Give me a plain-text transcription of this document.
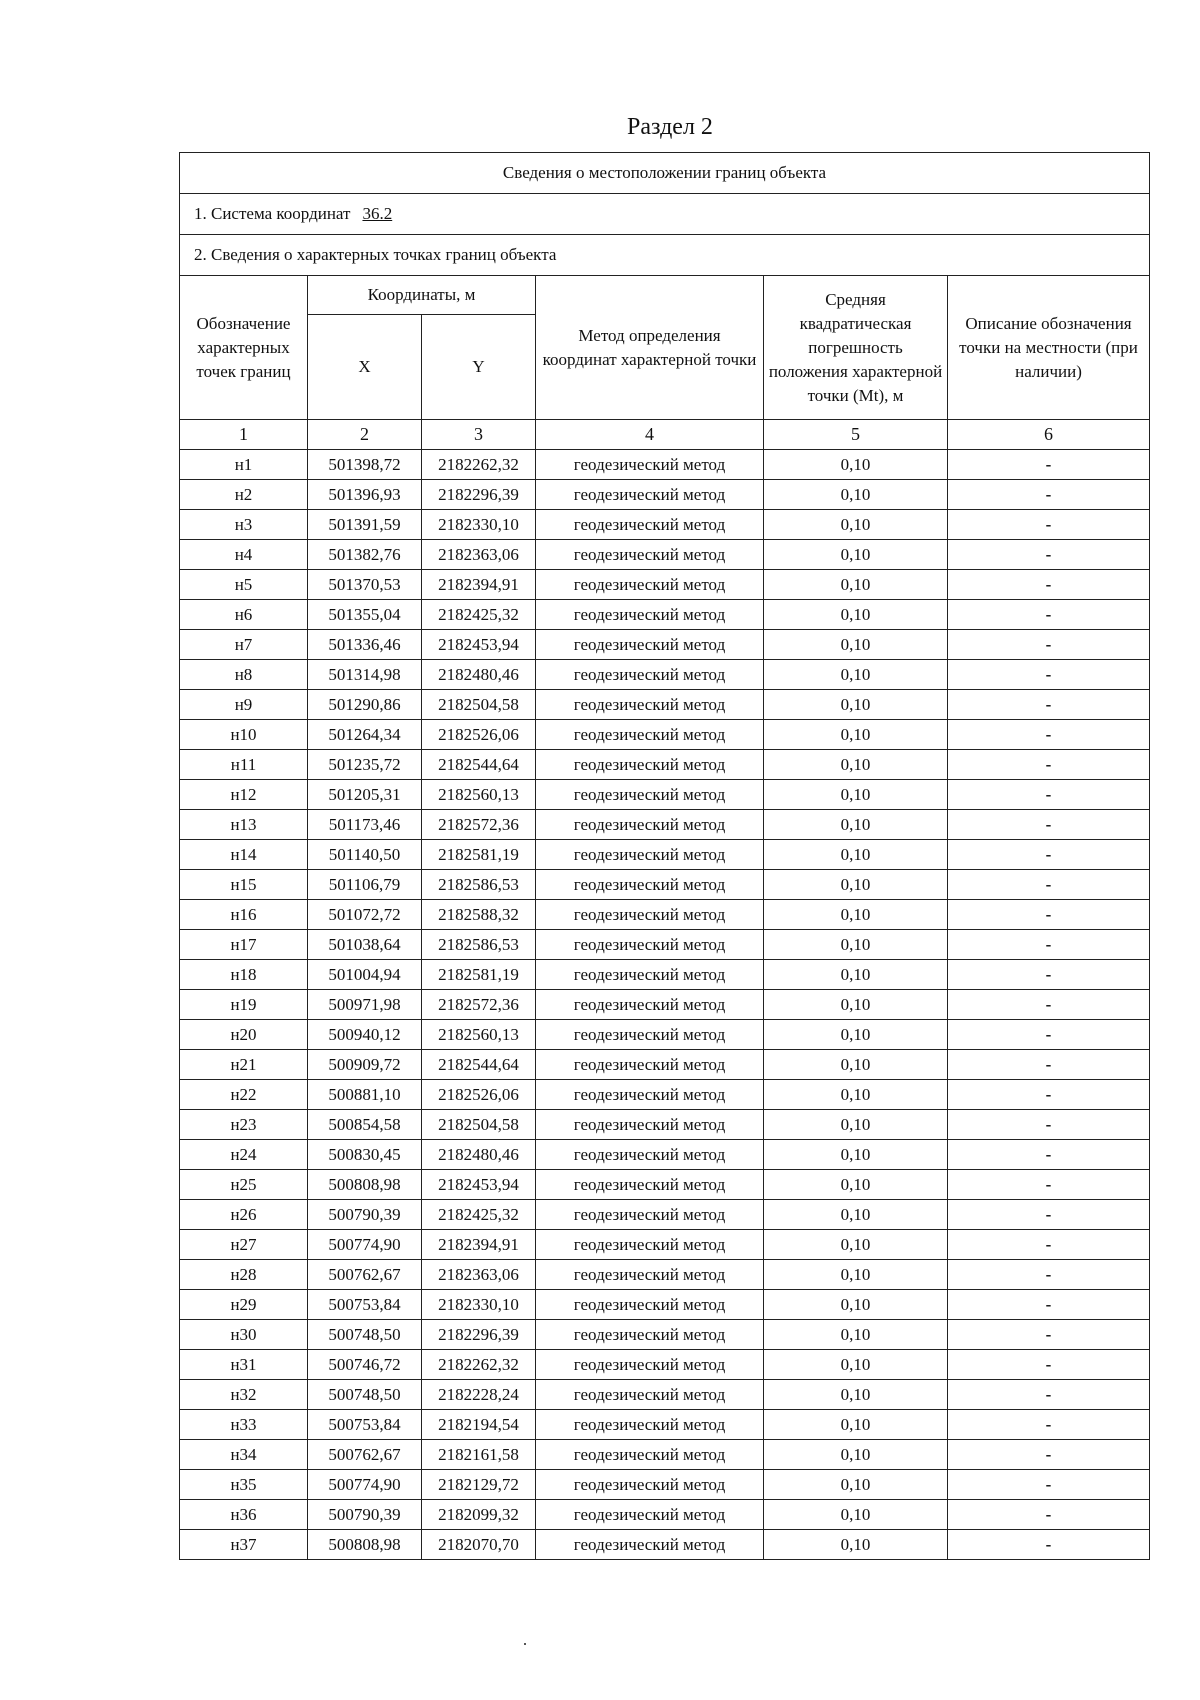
Раздел 2
Сведения о местоположении границ объекта					
1. Система координат 36.2					
2. Сведения о характерных точках границ объекта					
Обозначение характерных точек границ	Координаты, м		Метод определения координат характерной точки	Средняя квадратическая погрешность положения характерной точки (Mt), м	Описание обозначения точки на местности (при наличии)
	X	Y			
1	2	3	4	5	6
н1	501398,72	2182262,32	геодезический метод	0,10	-
н2	501396,93	2182296,39	геодезический метод	0,10	-
н3	501391,59	2182330,10	геодезический метод	0,10	-
н4	501382,76	2182363,06	геодезический метод	0,10	-
н5	501370,53	2182394,91	геодезический метод	0,10	-
н6	501355,04	2182425,32	геодезический метод	0,10	-
н7	501336,46	2182453,94	геодезический метод	0,10	-
н8	501314,98	2182480,46	геодезический метод	0,10	-
н9	501290,86	2182504,58	геодезический метод	0,10	-
н10	501264,34	2182526,06	геодезический метод	0,10	-
н11	501235,72	2182544,64	геодезический метод	0,10	-
н12	501205,31	2182560,13	геодезический метод	0,10	-
н13	501173,46	2182572,36	геодезический метод	0,10	-
н14	501140,50	2182581,19	геодезический метод	0,10	-
н15	501106,79	2182586,53	геодезический метод	0,10	-
н16	501072,72	2182588,32	геодезический метод	0,10	-
н17	501038,64	2182586,53	геодезический метод	0,10	-
н18	501004,94	2182581,19	геодезический метод	0,10	-
н19	500971,98	2182572,36	геодезический метод	0,10	-
н20	500940,12	2182560,13	геодезический метод	0,10	-
н21	500909,72	2182544,64	геодезический метод	0,10	-
н22	500881,10	2182526,06	геодезический метод	0,10	-
н23	500854,58	2182504,58	геодезический метод	0,10	-
н24	500830,45	2182480,46	геодезический метод	0,10	-
н25	500808,98	2182453,94	геодезический метод	0,10	-
н26	500790,39	2182425,32	геодезический метод	0,10	-
н27	500774,90	2182394,91	геодезический метод	0,10	-
н28	500762,67	2182363,06	геодезический метод	0,10	-
н29	500753,84	2182330,10	геодезический метод	0,10	-
н30	500748,50	2182296,39	геодезический метод	0,10	-
н31	500746,72	2182262,32	геодезический метод	0,10	-
н32	500748,50	2182228,24	геодезический метод	0,10	-
н33	500753,84	2182194,54	геодезический метод	0,10	-
н34	500762,67	2182161,58	геодезический метод	0,10	-
н35	500774,90	2182129,72	геодезический метод	0,10	-
н36	500790,39	2182099,32	геодезический метод	0,10	-
н37	500808,98	2182070,70	геодезический метод	0,10	-
